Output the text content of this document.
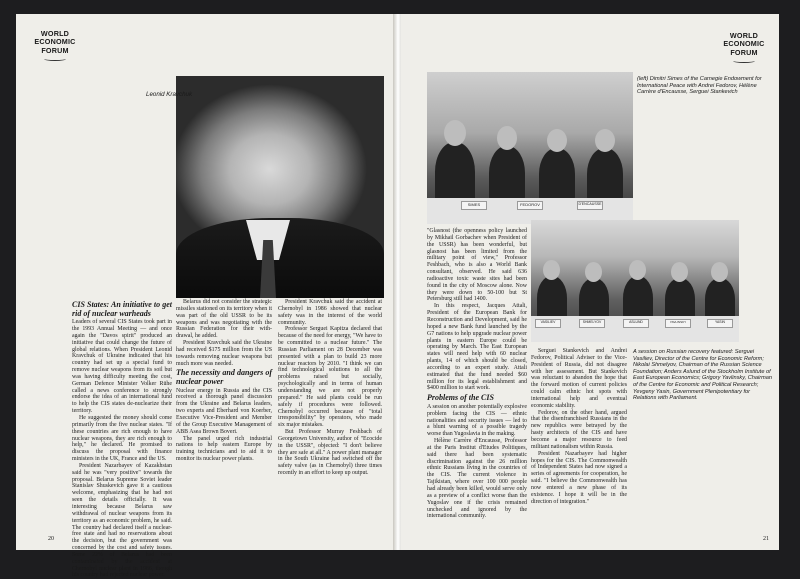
WORLD
ECONOMIC
FORUM
Leonid Kravchuk
CIS States: An initiative to get rid of nuclear warheads

Leaders of several CIS States took part in the 1993 Annual Meeting — and once again the "Davos spirit" produced an initiative that could change the future of global relations. When President Leonid Kravchuk of Ukraine indicated that his country had set up a special fund to remove nuclear weapons from its soil but was having difficulty meeting the cost, German Defence Minister Volker Rühe called a news conference to strongly endorse the idea of an international fund to help the CIS states de-nuclearize their territory.

He suggested the money should come primarily from the five nuclear states. "If these countries are rich enough to have nuclear weapons, they are rich enough to help," he declared. He promised to discuss the proposal with finance ministers in the UK, France and the US.

President Nazarbayev of Kazakhstan said he was "very positive" towards the proposal. Belarus Supreme Soviet leader Stanislav Shuskevich gave it a cautious welcome, emphasizing that he had not seen the details officially. It was interesting because Belarus saw withdrawal of nuclear weapons from its territory as an economic problem, he said. The country had declared itself a nuclear-free state and had no reservations about the decision, but the government was concerned by the cost and safety issues. Some 22% of Belarus had been contaminated by the accident at Chernobyl nuclear plant in 1986, though his country had rejected nuclear power.

Belarus did not consider the strategic missiles stationed on its territory when it was part of the old USSR to be its weapons and was negotiating with the Russian Federation for their with-drawal, he added.

President Kravchuk said the Ukraine had received $175 million from the US towards removing nuclear weapons but much more was needed.

The necessity and dangers of nuclear power

Nuclear energy in Russia and the CIS received a thorough panel discussion from the Ukraine and Belarus leaders, two experts and Eberhard von Koerber, Executive Vice-President and Member of the Group Executive Management of ABB Asea Brown Boveri.

The panel urged rich industrial nations to help eastern Europe by training technicians and to aid it to monitor its nuclear power plants.

President Kravchuk said the accident at Chernobyl in 1986 showed that nuclear safety was in the interest of the world community.

Professor Serguei Kapitza declared that because of the need for energy, "We have to be committed to a nuclear future." The Russian Parliament on 28 December was presented with a plan to build 23 more nuclear reactors by 2010. "I think we can find technological solutions to all the problems raised but socially, psychologically and in terms of human understanding we are not properly prepared." He said plants could be run safely if procedures were followed. Chernobyl occurred because of "total irresponsibility" by operators, who made six major mistakes.

But Professor Murray Feshbach of Georgetown University, author of "Ecocide in the USSR", objected: "I don't believe they are safe at all." A power plant manager in the South Ukraine had switched off the safety valve (as in Chernobyl) three times recently in an effort to keep up output.

20
WORLD
ECONOMIC
FORUM
SIMES	FEDOROV	D'ENCAUSSE
(left) Dimitri Simes of the Carnegie Endowment for International Peace with Andrei Fedorov, Hélène Carrère d'Encausse, Serguei Stankevich
VASILIEV	SHMELYOV	ASLUND	YAVLINSKY	YASIN
A session on Russian recovery featured: Serguei Vasiliev, Director of the Centre for Economic Reform; Nikolai Shmelyov, Chairman of the Russian Science Foundation; Anders Aslund of the Stockholm Institute of East European Economics; Grigory Yavlinsky, Chairman of the Centre for Economic and Political Research; Yevgeny Yasin, Government Plenipotentiary for Relations with Parliament.

"Glasnost (the openness policy launched by Mikhail Gorbachev when President of the USSR) has been wonderful, but glasnost has been limited from the military point of view," Professor Feshbach, who is also a World Bank consultant, observed. He said 636 radioactive toxic waste sites had been found in the city of Moscow alone. Now they were down to 50-100 but St Petersburg still had 1400.

In this respect, Jacques Attali, President of the European Bank for Reconstruction and Development, said he hoped a new Bank fund launched by the G7 nations to help upgrade nuclear power plants in eastern Europe could be operating by March. The East European states will need help with 60 nuclear plants, 14 of which should be closed, according to an expert study. Attali estimated that the fund needed $60 million for its legal establishment and $400 million to start work.

Problems of the CIS

A session on another potentially explosive problem facing the CIS — ethnic nationalities and security issues — led to a blunt warning of a possible tragedy worse than Yugoslavia in the making.

Hélène Carrère d'Encausse, Professor at the Paris Institut d'Etudes Politiques, said there had been systematic discrimination against the 26 million ethnic Russians living in the countries of the CIS. The current violence in Tajikistan, where over 100 000 people had already been killed, would serve only as a preview of a conflict worse than the Yugoslav one if the crisis remained unchecked and ignored by the international community.

Serguei Stankevich and Andrei Fedorov, Political Adviser to the Vice-President of Russia, did not disagree with her assessment. But Stankevich was reluctant to abandon the hope that the forward motion of current policies could calm ethnic hot spots with international help and eventual economic stability.

Fedorov, on the other hand, argued that the disenfranchised Russians in the new republics were betrayed by the hasty architects of the CIS and have become a major resource to feed militant nationalism within Russia.

President Nazarbayev had higher hopes for the CIS. The Commonwealth of Independent States had now signed a series of agreements for cooperation, he said. "I believe the Commonwealth has now entered a new phase of its existence. I hope it will be in the direction of integration."

21
